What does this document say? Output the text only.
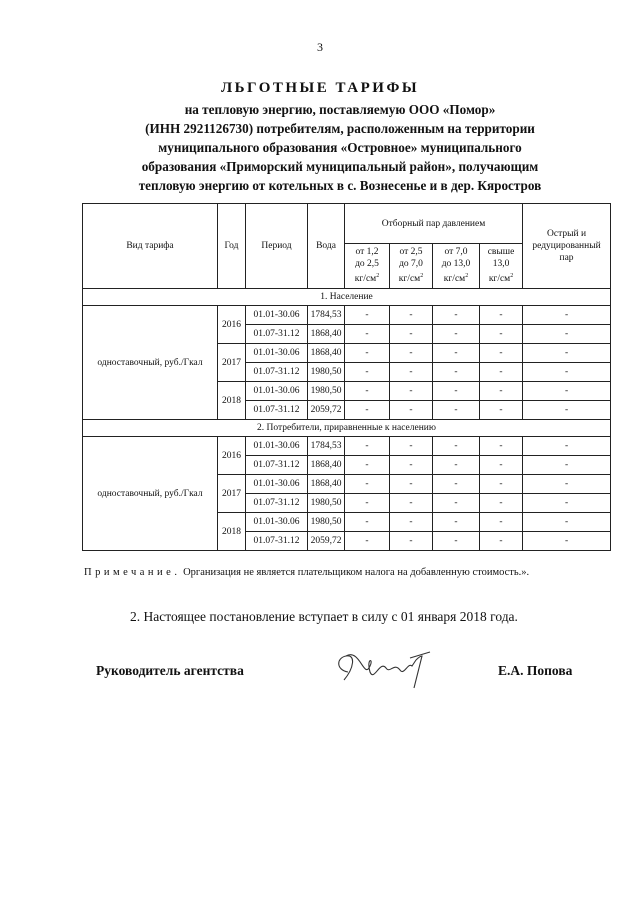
3
ЛЬГОТНЫЕ ТАРИФЫ
на тепловую энергию, поставляемую ООО «Помор»
(ИНН 2921126730) потребителям, расположенным на территории
муниципального образования «Островное» муниципального
образования «Приморский муниципальный район», получающим
тепловую энергию от котельных в с. Вознесенье и в дер. Кяростров
Вид тарифа	Год	Период	Вода	Отборный пар давлением				Острый и редуцированный пар
				от 1,2
до 2,5
$кг/см^2$	от 2,5
до 7,0
$кг/см^2$	от 7,0
до 13,0
$кг/см^2$	свыше
13,0
$кг/см^2$
1. Население								
одноставочный, руб./Гкал	2016	01.01-30.06	1784,53	-	-	-	-	-
		01.07-31.12	1868,40	-	-	-	-	-
	2017	01.01-30.06	1868,40	-	-	-	-	-
		01.07-31.12	1980,50	-	-	-	-	-
	2018	01.01-30.06	1980,50	-	-	-	-	-
		01.07-31.12	2059,72	-	-	-	-	-
2. Потребители, приравненные к населению								
одноставочный, руб./Гкал	2016	01.01-30.06	1784,53	-	-	-	-	-
		01.07-31.12	1868,40	-	-	-	-	-
	2017	01.01-30.06	1868,40	-	-	-	-	-
		01.07-31.12	1980,50	-	-	-	-	-
	2018	01.01-30.06	1980,50	-	-	-	-	-
		01.07-31.12	2059,72	-	-	-	-	-
Примечание. Организация не является плательщиком налога на добавленную стоимость.».
2. Настоящее постановление вступает в силу с 01 января 2018 года.
Руководитель агентства	Е.А. Попова
